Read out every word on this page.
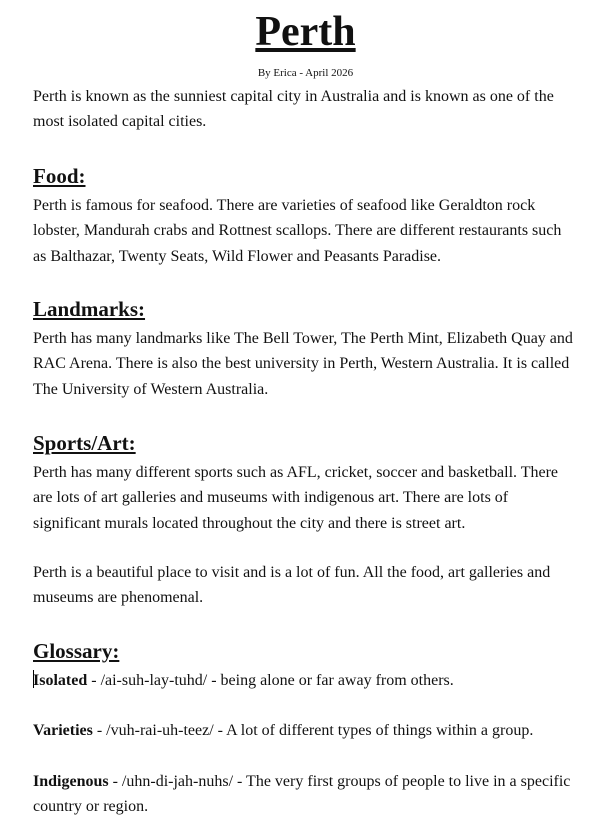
Perth
By Erica - April 2026

Perth is known as the sunniest capital city in Australia and is known as one of the most isolated capital cities.

Food:

Perth is famous for seafood. There are varieties of seafood like Geraldton rock lobster, Mandurah crabs and Rottnest scallops. There are different restaurants such as Balthazar, Twenty Seats, Wild Flower and Peasants Paradise.

Landmarks:

Perth has many landmarks like The Bell Tower, The Perth Mint, Elizabeth Quay and RAC Arena. There is also the best university in Perth, Western Australia. It is called The University of Western Australia.

Sports/Art:

Perth has many different sports such as AFL, cricket, soccer and basketball. There are lots of art galleries and museums with indigenous art. There are lots of significant murals located throughout the city and there is street art.

Perth is a beautiful place to visit and is a lot of fun. All the food, art galleries and museums are phenomenal.

Glossary:

Isolated - /ai-suh-lay-tuhd/ - being alone or far away from others.

Varieties - /vuh-rai-uh-teez/ - A lot of different types of things within a group.

Indigenous - /uhn-di-jah-nuhs/ - The very first groups of people to live in a specific country or region.
